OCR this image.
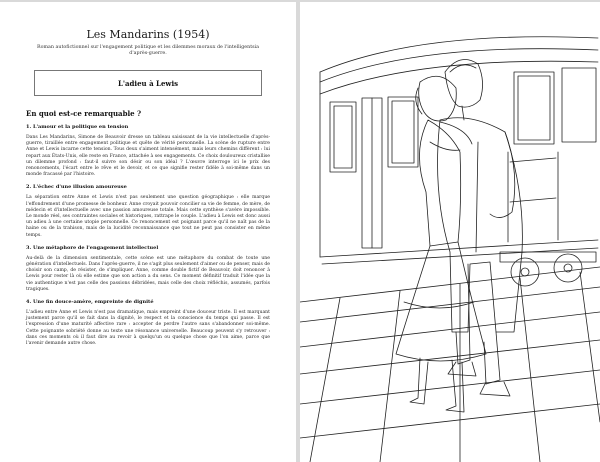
Les Mandarins (1954)
Roman autofictionnel sur l'engagement politique et les dilemmes moraux de l'intelligentsia d'après-guerre.
L'adieu à Lewis
En quoi est-ce remarquable ?
1. L'amour et la politique en tension
Dans Les Mandarins, Simone de Beauvoir dresse un tableau saisissant de la vie intellectuelle d'après-guerre, tiraillée entre engagement politique et quête de vérité personnelle. La scène de rupture entre Anne et Lewis incarne cette tension. Tous deux s'aiment intensément, mais leurs chemins diffèrent : lui repart aux États-Unis, elle reste en France, attachée à ses engagements. Ce choix douloureux cristallise un dilemme profond : faut-il suivre son désir ou son idéal ? L'œuvre interroge ici le prix des renoncements, l'écart entre le rêve et le devoir, et ce que signifie rester fidèle à soi-même dans un monde fracassé par l'histoire.
2. L'échec d'une illusion amoureuse
La séparation entre Anne et Lewis n'est pas seulement une question géographique : elle marque l'effondrement d'une promesse de bonheur. Anne croyait pouvoir concilier sa vie de femme, de mère, de médecin et d'intellectuelle avec une passion amoureuse totale. Mais cette synthèse s'avère impossible. Le monde réel, ses contraintes sociales et historiques, rattrape le couple. L'adieu à Lewis est donc aussi un adieu à une certaine utopie personnelle. Ce renoncement est poignant parce qu'il ne naît pas de la haine ou de la trahison, mais de la lucidité reconnaissance que tout ne peut pas consister en même temps.
3. Une métaphore de l'engagement intellectuel
Au-delà de la dimension sentimentale, cette scène est une métaphore du combat de toute une génération d'intellectuels. Dans l'après-guerre, il ne s'agit plus seulement d'aimer ou de penser, mais de choisir son camp, de résister, de s'impliquer. Anne, comme double fictif de Beauvoir, doit renoncer à Lewis pour rester là où elle estime que son action a du sens. Ce moment définitif traduit l'idée que la vie authentique n'est pas celle des passions débridées, mais celle des choix réfléchis, assumés, parfois tragiques.
4. Une fin douce-amère, empreinte de dignité
L'adieu entre Anne et Lewis n'est pas dramatique, mais empreint d'une douceur triste. Il est marquant justement parce qu'il se fait dans la dignité, le respect et la conscience du temps qui passe. Il est l'expression d'une maturité affective rare : accepter de perdre l'autre sans s'abandonner soi-même. Cette poignante sobriété donne au texte une résonance universelle. Beaucoup peuvent s'y retrouver : dans ces moments où il faut dire au revoir à quelqu'un ou quelque chose que l'on aime, parce que l'avenir demande autre chose.
